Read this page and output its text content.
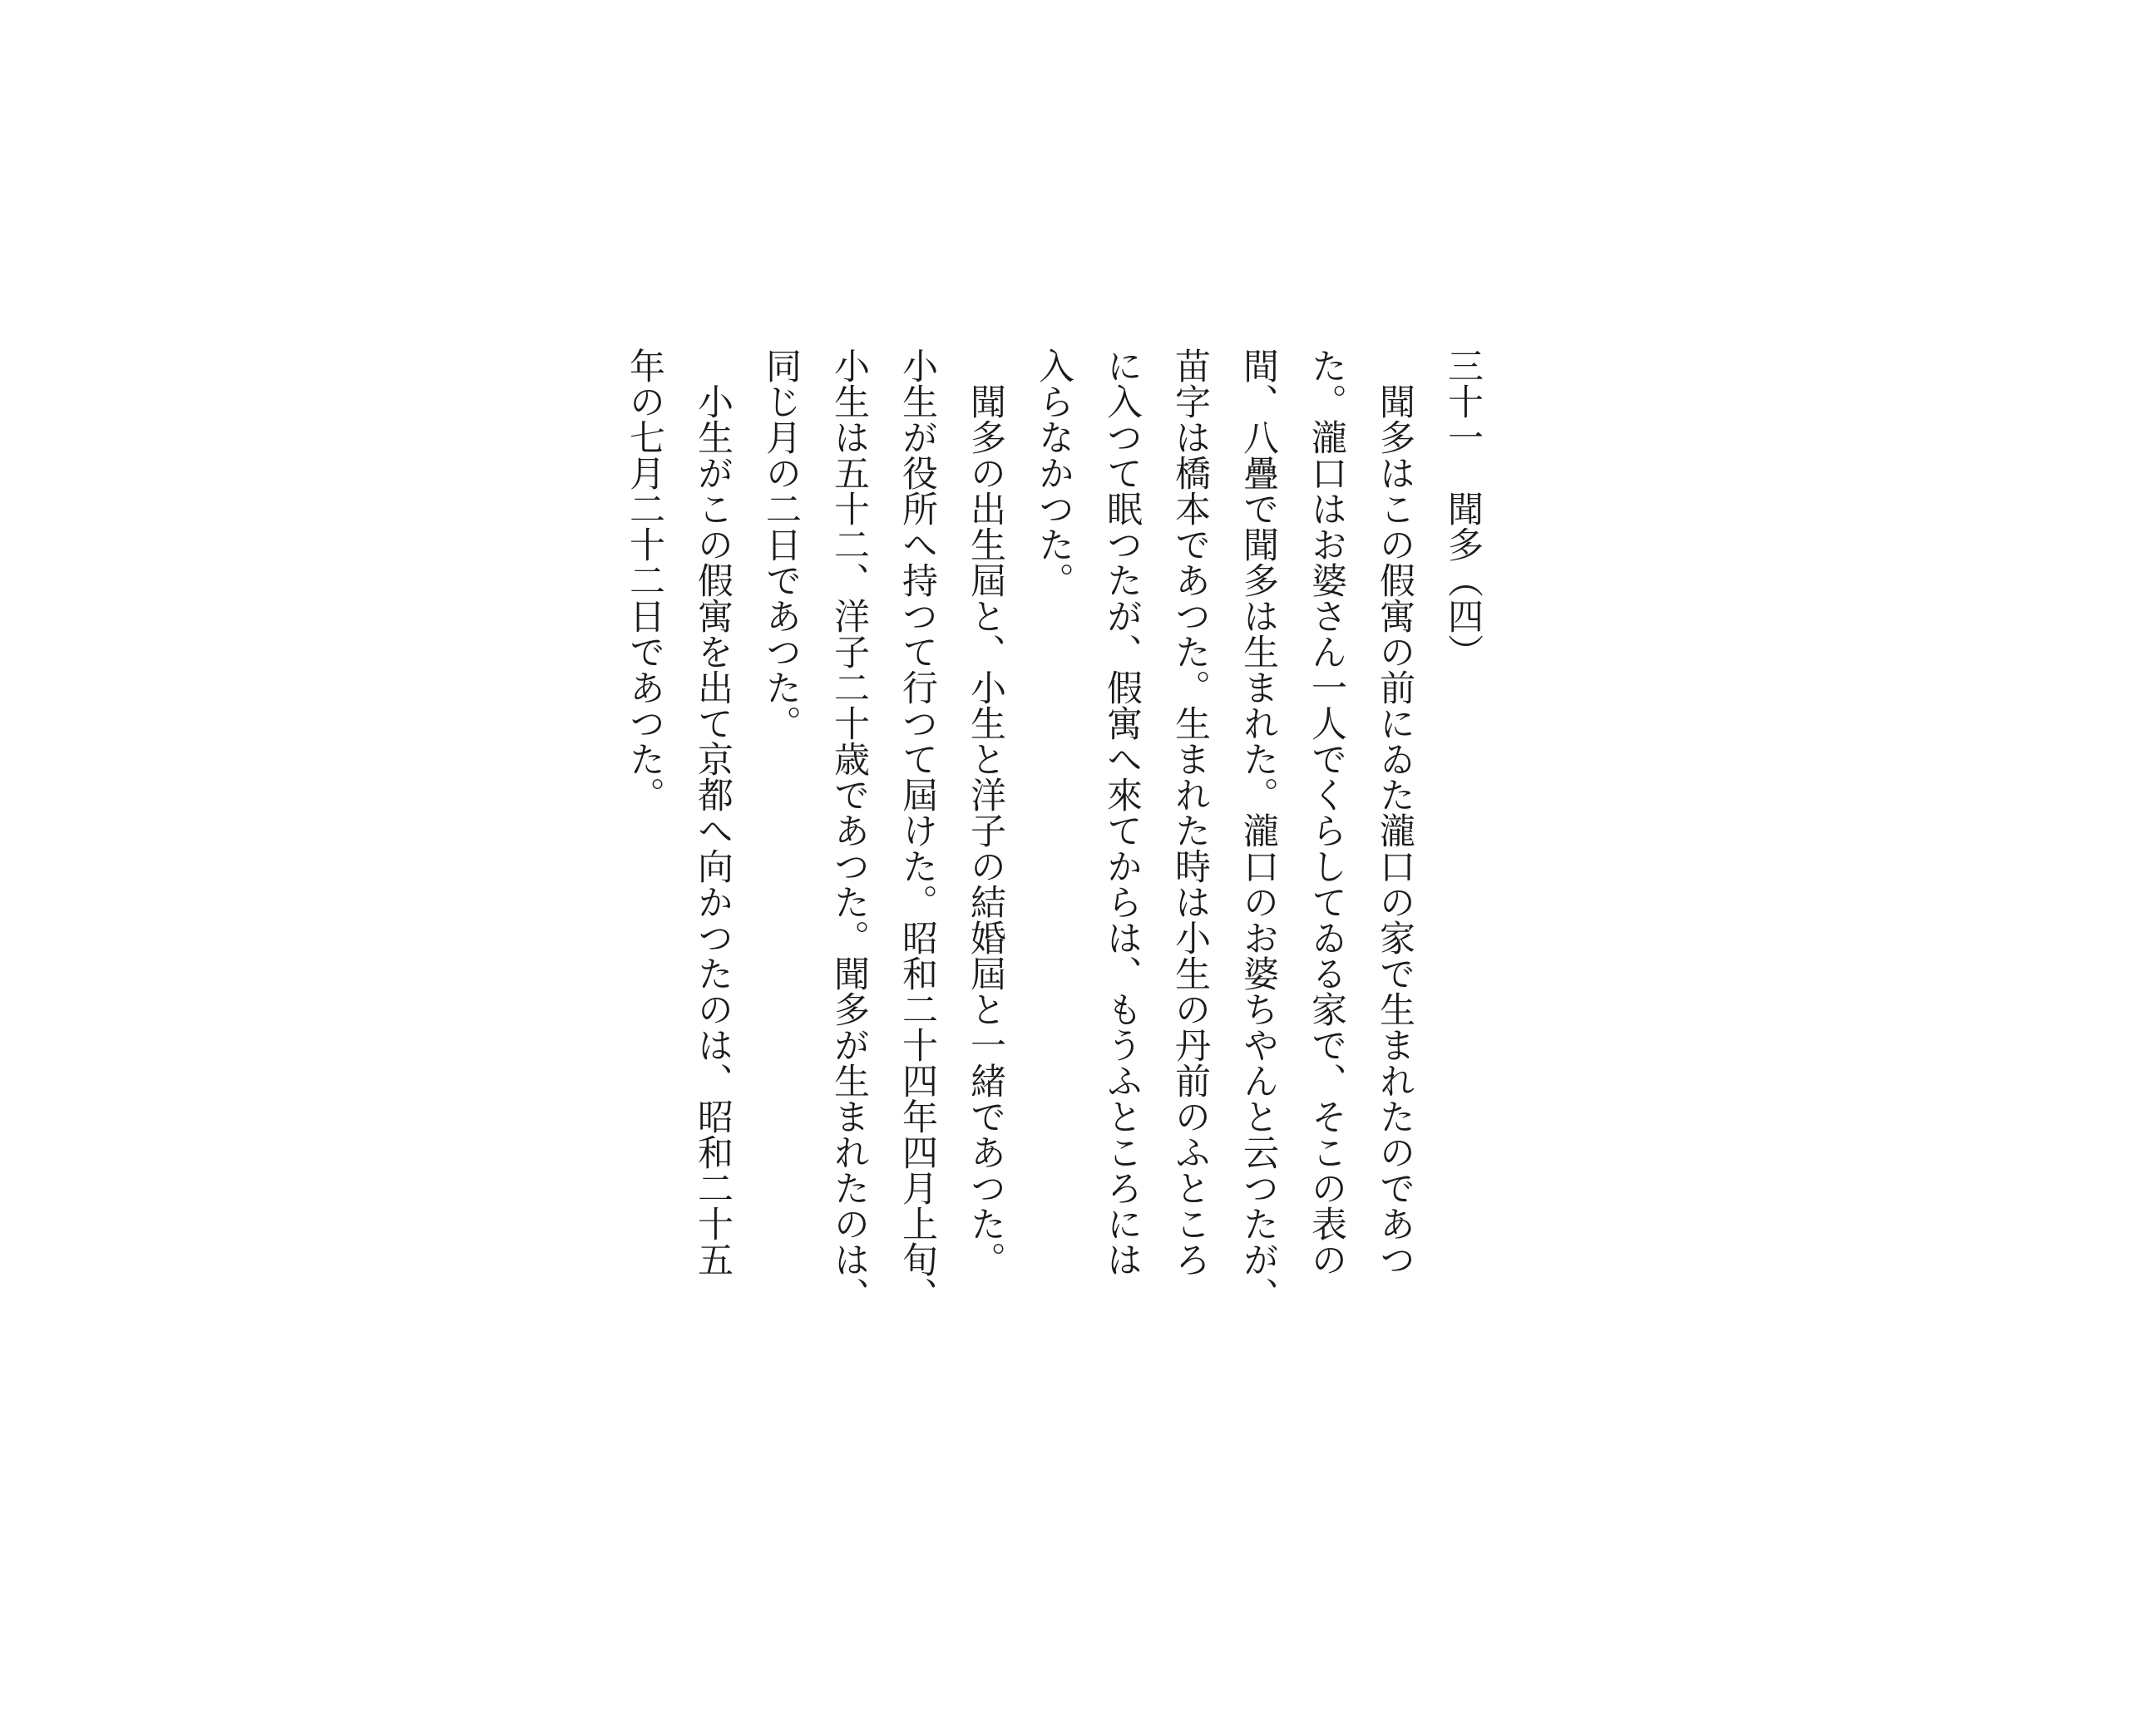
三十一　聞多（四）
　聞多はこの假寓の前にゐた瀧口の家で生まれたのであつ
た。瀧口はお婆さん一人でくらしてゐる家で、そこの表の
間、八疊で聞多は生まれた。瀧口のお婆ちやんと云つたが、
苗字は橋本であつた。生まれた時は小生の丹前のふところ
に入つて眠つたが、假寓へ來てからは、もうふところには
入らなかつた。
　聞多の出生屆と、小生と洋子の結婚屆と一緒であつた。
小生が役所へ持つて行つて屆けた。昭和二十四年四月上旬、
小生は五十二、洋子二十歳であつた。聞多が生まれたのは、
同じ月の二日であつた。
　小生がこの假寓を出て京都へ向かつたのは、昭和二十五
年の七月二十二日であつた。
